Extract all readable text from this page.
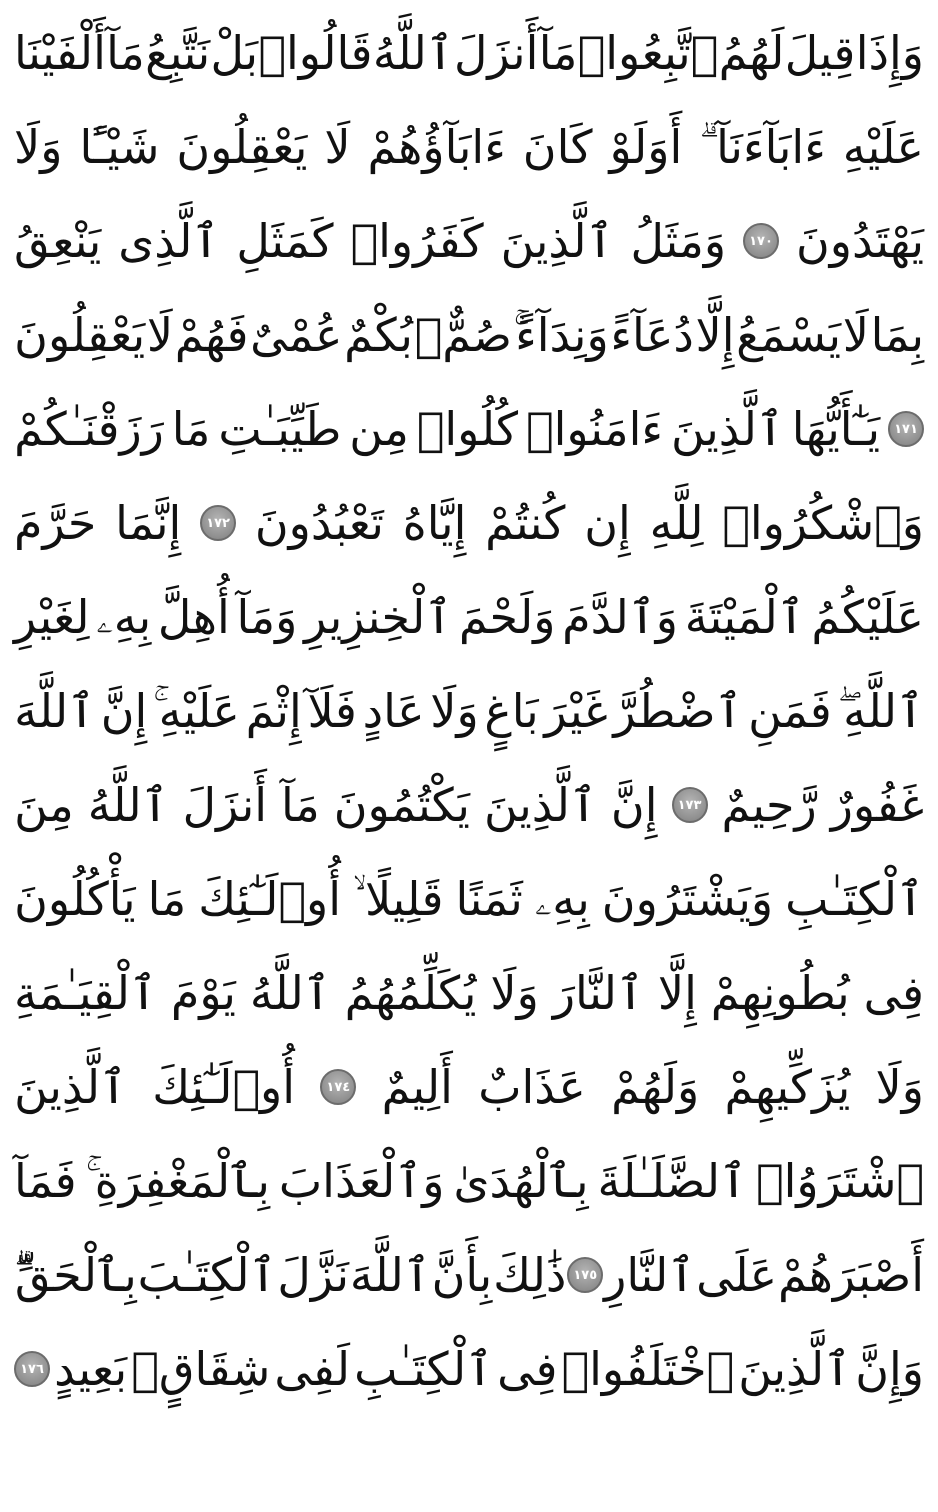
وَإِذَا
قِيلَ
لَهُمُ
ٱتَّبِعُوا۟
مَآ
أَنزَلَ
ٱللَّهُ
قَالُوا۟
بَلْ
نَتَّبِعُ
مَآ
أَلْفَيْنَا
عَلَيْهِ
ءَابَآءَنَآ
أَوَلَوْ
كَانَ
ءَابَآؤُهُمْ
لَا
يَعْقِلُونَ
شَيْـًٔا
وَلَا
يَهْتَدُونَ
١٧٠
وَمَثَلُ
ٱلَّذِينَ
كَفَرُوا۟
كَمَثَلِ
ٱلَّذِى
يَنْعِقُ
بِمَا
لَا
يَسْمَعُ
إِلَّا
دُعَآءً
وَنِدَآءً
صُمٌّۢ
بُكْمٌ
عُمْىٌ
فَهُمْ
لَا
يَعْقِلُونَ
١٧١
يَـٰٓأَيُّهَا
ٱلَّذِينَ
ءَامَنُوا۟
كُلُوا۟
مِن
طَيِّبَـٰتِ
مَا
رَزَقْنَـٰكُمْ
وَٱشْكُرُوا۟
لِلَّهِ
إِن
كُنتُمْ
إِيَّاهُ
تَعْبُدُونَ
١٧٢
إِنَّمَا
حَرَّمَ
عَلَيْكُمُ
ٱلْمَيْتَةَ
وَٱلدَّمَ
وَلَحْمَ
ٱلْخِنزِيرِ
وَمَآ
أُهِلَّ
بِهِۦ
لِغَيْرِ
ٱللَّهِ
فَمَنِ
ٱضْطُرَّ
غَيْرَ
بَاغٍ
وَلَا
عَادٍ
فَلَآ
إِثْمَ
عَلَيْهِ
إِنَّ
ٱللَّهَ
غَفُورٌ
رَّحِيمٌ
١٧٣
إِنَّ
ٱلَّذِينَ
يَكْتُمُونَ
مَآ
أَنزَلَ
ٱللَّهُ
مِنَ
ٱلْكِتَـٰبِ
وَيَشْتَرُونَ
بِهِۦ
ثَمَنًا
قَلِيلًا
أُو۟لَـٰٓئِكَ
مَا
يَأْكُلُونَ
فِى
بُطُونِهِمْ
إِلَّا
ٱلنَّارَ
وَلَا
يُكَلِّمُهُمُ
ٱللَّهُ
يَوْمَ
ٱلْقِيَـٰمَةِ
وَلَا
يُزَكِّيهِمْ
وَلَهُمْ
عَذَابٌ
أَلِيمٌ
١٧٤
أُو۟لَـٰٓئِكَ
ٱلَّذِينَ
ٱشْتَرَوُا۟
ٱلضَّلَـٰلَةَ
بِٱلْهُدَىٰ
وَٱلْعَذَابَ
بِٱلْمَغْفِرَةِ
فَمَآ
أَصْبَرَهُمْ
عَلَى
ٱلنَّارِ
١٧٥
ذَٰلِكَ
بِأَنَّ
ٱللَّهَ
نَزَّلَ
ٱلْكِتَـٰبَ
بِٱلْحَقِّ
وَإِنَّ
ٱلَّذِينَ
ٱخْتَلَفُوا۟
فِى
ٱلْكِتَـٰبِ
لَفِى
شِقَاقٍۭ
بَعِيدٍ
١٧٦
